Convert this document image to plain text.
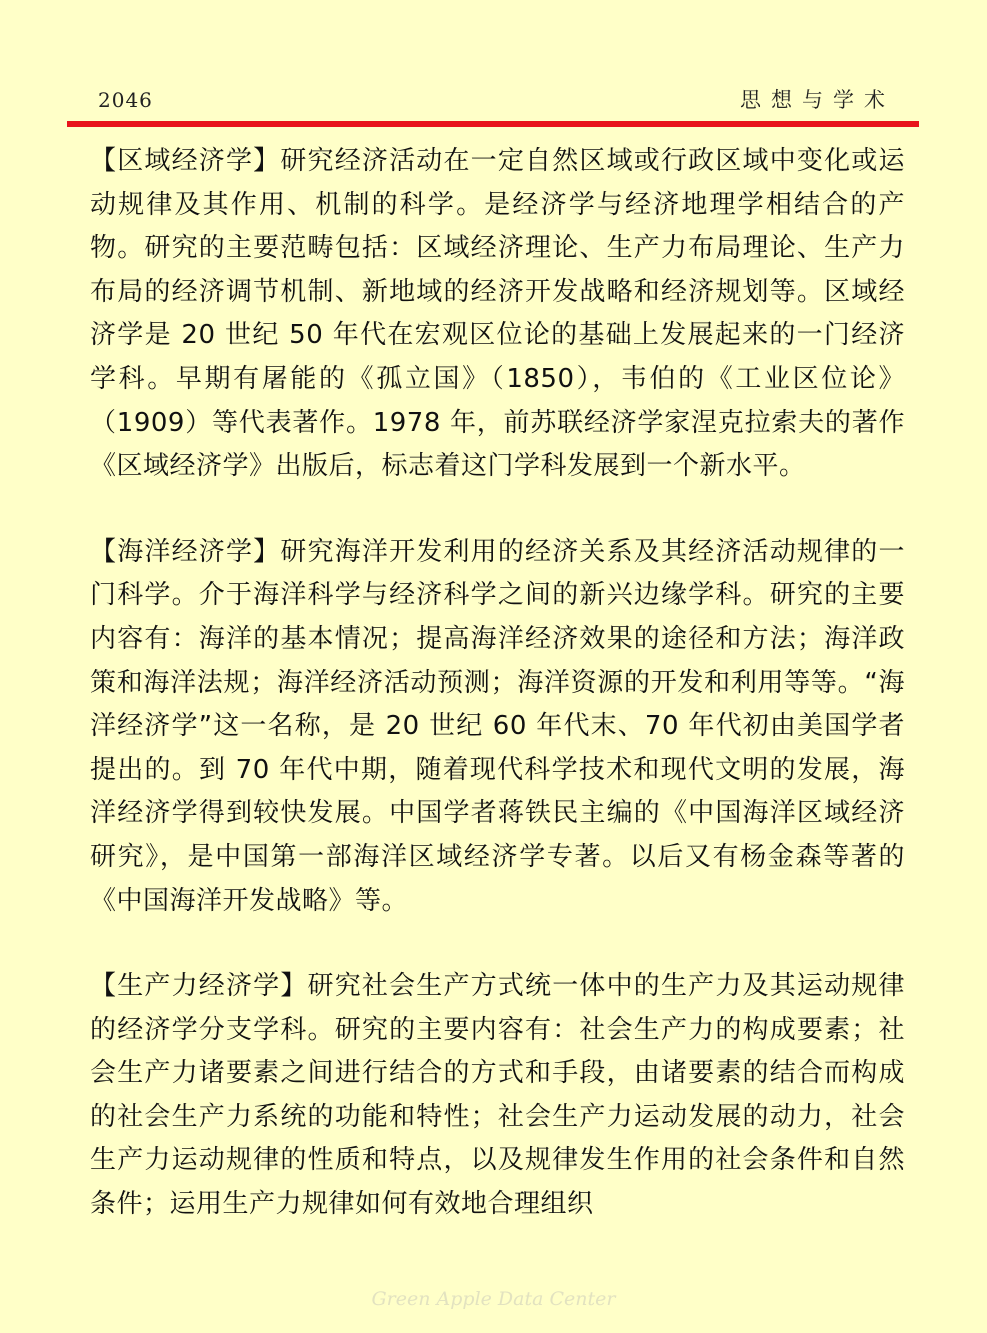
2046	思想与学术

【区域经济学】研究经济活动在一定自然区域或行政区域中变化或运动规律及其作用、机制的科学。是经济学与经济地理学相结合的产物。研究的主要范畴包括：区域经济理论、生产力布局理论、生产力布局的经济调节机制、新地域的经济开发战略和经济规划等。区域经济学是 20 世纪 50 年代在宏观区位论的基础上发展起来的一门经济学科。早期有屠能的《孤立国》（1850），韦伯的《工业区位论》（1909）等代表著作。1978 年，前苏联经济学家涅克拉索夫的著作《区域经济学》出版后，标志着这门学科发展到一个新水平。

【海洋经济学】研究海洋开发利用的经济关系及其经济活动规律的一门科学。介于海洋科学与经济科学之间的新兴边缘学科。研究的主要内容有：海洋的基本情况；提高海洋经济效果的途径和方法；海洋政策和海洋法规；海洋经济活动预测；海洋资源的开发和利用等等。“海洋经济学”这一名称，是 20 世纪 60 年代末、70 年代初由美国学者提出的。到 70 年代中期，随着现代科学技术和现代文明的发展，海洋经济学得到较快发展。中国学者蒋铁民主编的《中国海洋区域经济研究》，是中国第一部海洋区域经济学专著。以后又有杨金森等著的《中国海洋开发战略》等。

【生产力经济学】研究社会生产方式统一体中的生产力及其运动规律的经济学分支学科。研究的主要内容有：社会生产力的构成要素；社会生产力诸要素之间进行结合的方式和手段，由诸要素的结合而构成的社会生产力系统的功能和特性；社会生产力运动发展的动力，社会生产力运动规律的性质和特点，以及规律发生作用的社会条件和自然条件；运用生产力规律如何有效地合理组织

Green Apple Data Center
